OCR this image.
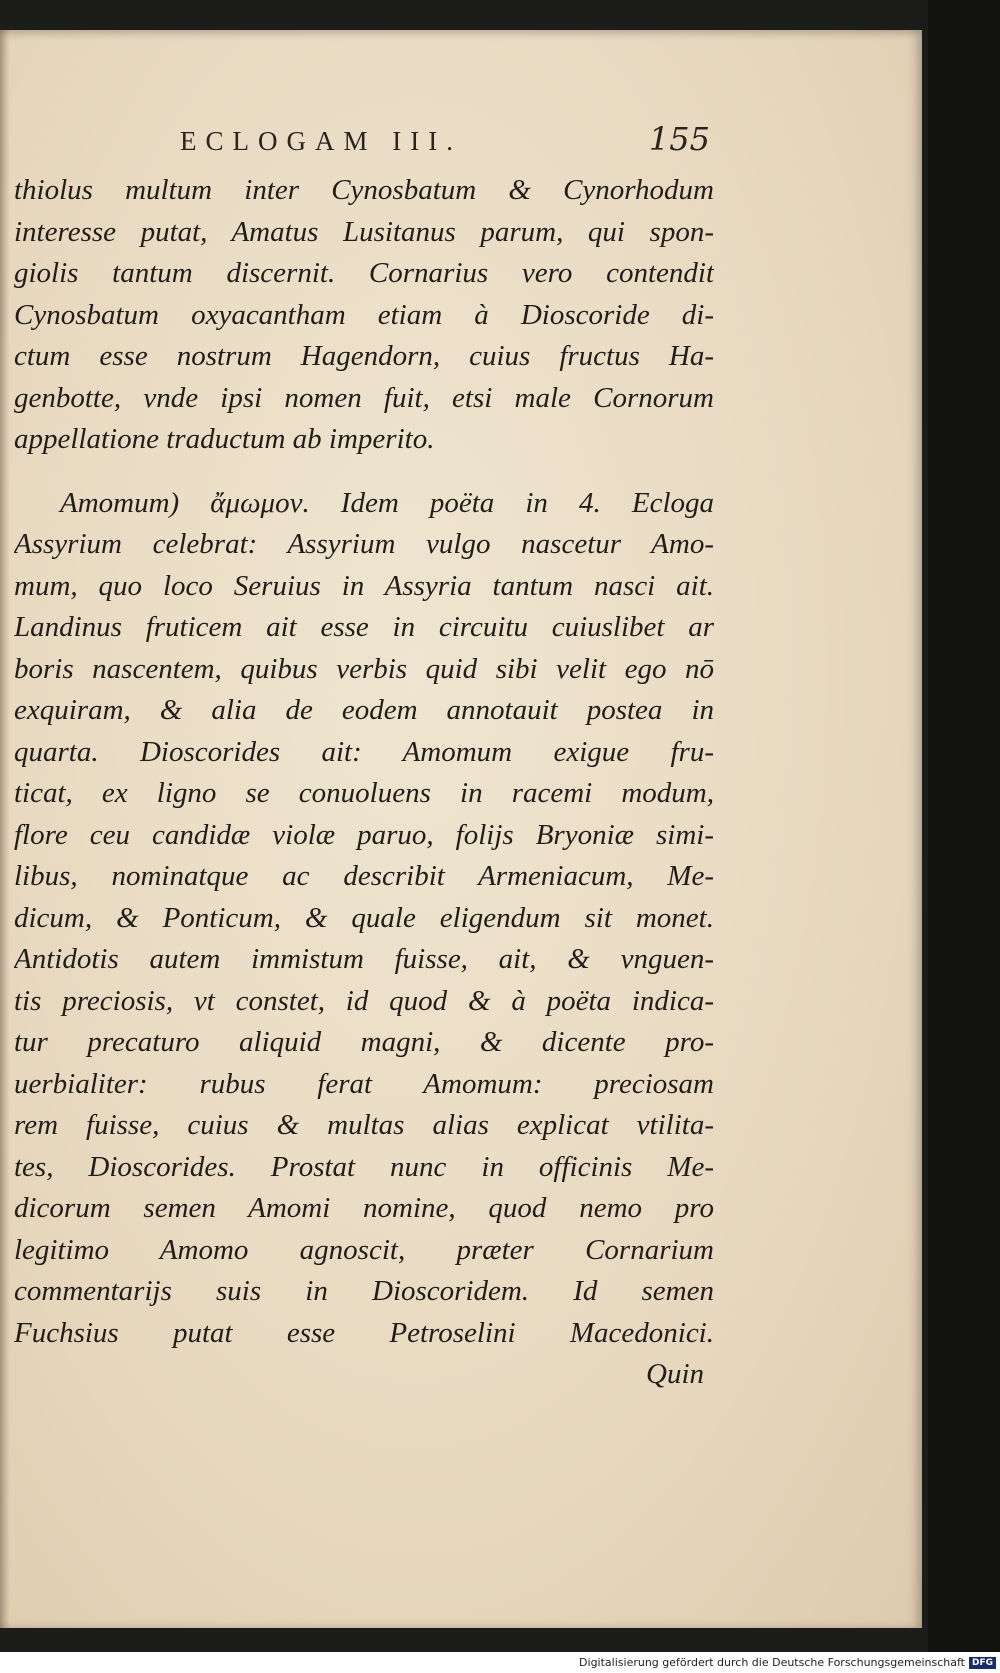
ECLOGAM III.	155
thiolus multum inter Cynosbatum & Cynorhodum
interesse putat, Amatus Lusitanus parum, qui spon-
giolis tantum discernit. Cornarius vero contendit
Cynosbatum oxyacantham etiam à Dioscoride di-
ctum esse nostrum Hagendorn, cuius fructus Ha-
genbotte, vnde ipsi nomen fuit, etsi male Cornorum
appellatione traductum ab imperito.
Amomum) ἄμωμον. Idem poëta in 4. Ecloga
Assyrium celebrat: Assyrium vulgo nascetur Amo-
mum, quo loco Seruius in Assyria tantum nasci ait.
Landinus fruticem ait esse in circuitu cuiuslibet ar
boris nascentem, quibus verbis quid sibi velit ego nō
exquiram, & alia de eodem annotauit postea in
quarta. Dioscorides ait: Amomum exigue fru-
ticat, ex ligno se conuoluens in racemi modum,
flore ceu candidæ violæ paruo, folijs Bryoniæ simi-
libus, nominatque ac describit Armeniacum, Me-
dicum, & Ponticum, & quale eligendum sit monet.
Antidotis autem immistum fuisse, ait, & vnguen-
tis preciosis, vt constet, id quod & à poëta indica-
tur precaturo aliquid magni, & dicente pro-
uerbialiter: rubus ferat Amomum: preciosam
rem fuisse, cuius & multas alias explicat vtilita-
tes, Dioscorides. Prostat nunc in officinis Me-
dicorum semen Amomi nomine, quod nemo pro
legitimo Amomo agnoscit, præter Cornarium
commentarijs suis in Dioscoridem. Id semen
Fuchsius putat esse Petroselini Macedonici.
Quin
Digitalisierung gefördert durch die Deutsche Forschungsgemeinschaft DFG
